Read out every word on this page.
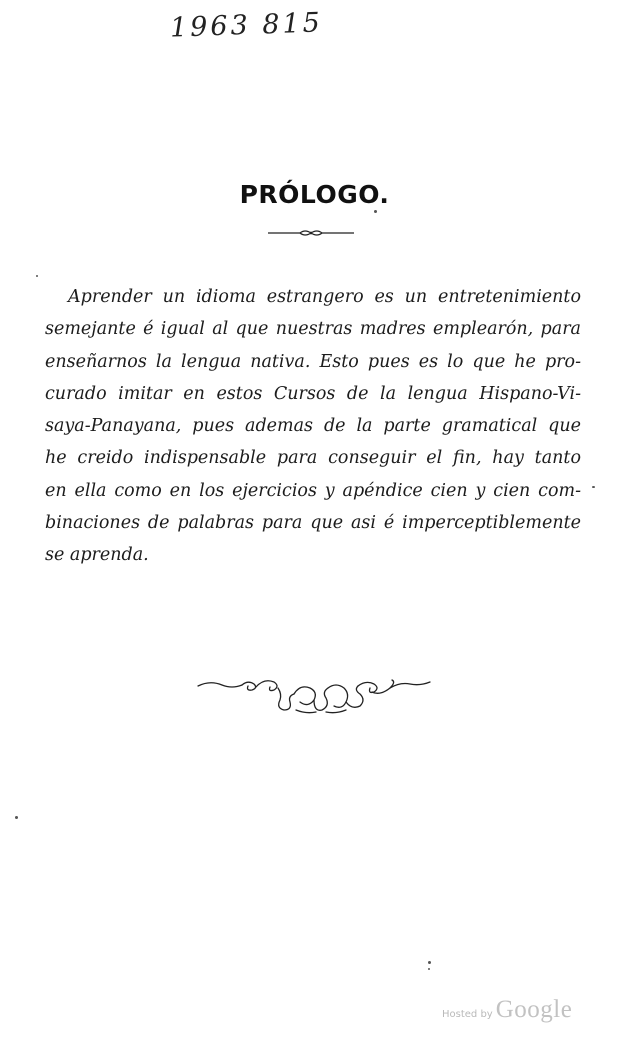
1963 815
PRÓLOGO.
Aprender un idioma estrangero es un entretenimiento
semejante é igual al que nuestras madres emplearón, para
enseñarnos la lengua nativa. Esto pues es lo que he pro-
curado imitar en estos Cursos de la lengua Hispano-Vi-
saya-Panayana, pues ademas de la parte gramatical que
he creido indispensable para conseguir el fin, hay tanto
en ella como en los ejercicios y apéndice cien y cien com-
binaciones de palabras para que asi é imperceptiblemente
se aprenda.
Hosted by Google
